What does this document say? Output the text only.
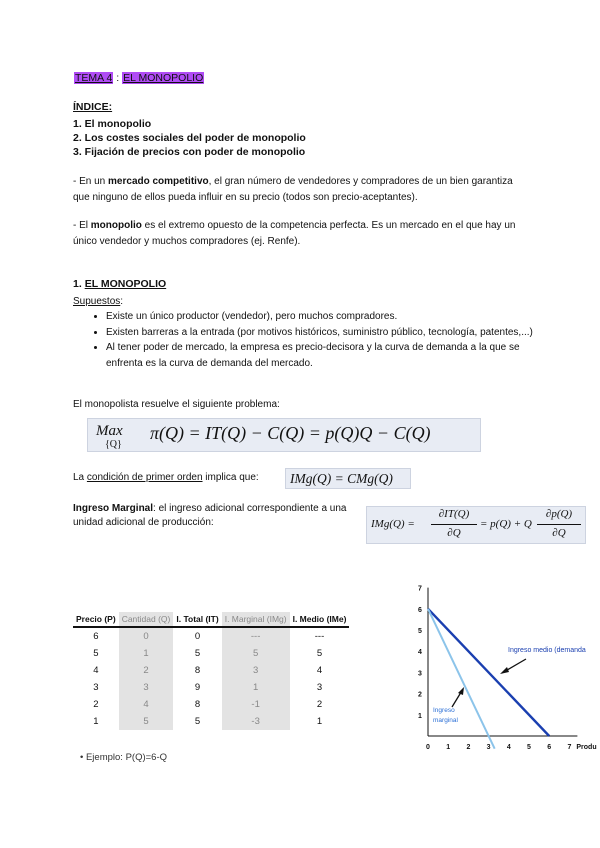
TEMA 4 : EL MONOPOLIO
ÍNDICE:
1. El monopolio
2. Los costes sociales del poder de monopolio
3. Fijación de precios con poder de monopolio
- En un mercado competitivo, el gran número de vendedores y compradores de un bien garantiza que ninguno de ellos pueda influir en su precio (todos son precio-aceptantes).
- El monopolio es el extremo opuesto de la competencia perfecta. Es un mercado en el que hay un único vendedor y muchos compradores (ej. Renfe).
1. EL MONOPOLIO
Supuestos:
• Existe un único productor (vendedor), pero muchos compradores.
• Existen barreras a la entrada (por motivos históricos, suministro público, tecnología, patentes,...)
• Al tener poder de mercado, la empresa es precio-decisora y la curva de demanda a la que se enfrenta es la curva de demanda del mercado.
El monopolista resuelve el siguiente problema:
Max
{Q}
π(Q) = IT(Q) − C(Q) = p(Q)Q − C(Q)
La condición de primer orden implica que:	IMg(Q) = CMg(Q)
Ingreso Marginal: el ingreso adicional correspondiente a una unidad adicional de producción:	IMg(Q) =
∂IT(Q)
∂Q
= p(Q) + Q
∂p(Q)
∂Q
Precio (P)	Cantidad (Q)	I. Total (IT)	I. Marginal (IMg)	I. Medio (IMe)
6	0	0	---	---
5	1	5	5	5
4	2	8	3	4
3	3	9	1	3
2	4	8	-1	2
1	5	5	-3	1
• Ejemplo: P(Q)=6-Q
0 1 2 3 4 5 6 7
1
2
3
4
5
6
7
Produ
Ingreso medio (demanda
Ingreso
marginal
